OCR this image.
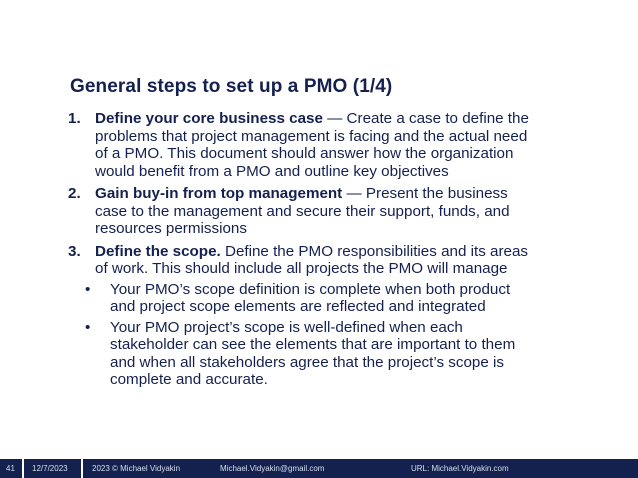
General steps to set up a PMO (1/4)
1. Define your core business case — Create a case to define the
problems that project management is facing and the actual need
of a PMO. This document should answer how the organization
would benefit from a PMO and outline key objectives
2. Gain buy-in from top management — Present the business
case to the management and secure their support, funds, and
resources permissions
3. Define the scope. Define the PMO responsibilities and its areas
of work. This should include all projects the PMO will manage
• Your PMO’s scope definition is complete when both product
and project scope elements are reflected and integrated
• Your PMO project’s scope is well-defined when each
stakeholder can see the elements that are important to them
and when all stakeholders agree that the project’s scope is
complete and accurate.
41 12/7/2023	2023 © Michael Vidyakin	Michael.Vidyakin@gmail.com	URL: Michael.Vidyakin.com
